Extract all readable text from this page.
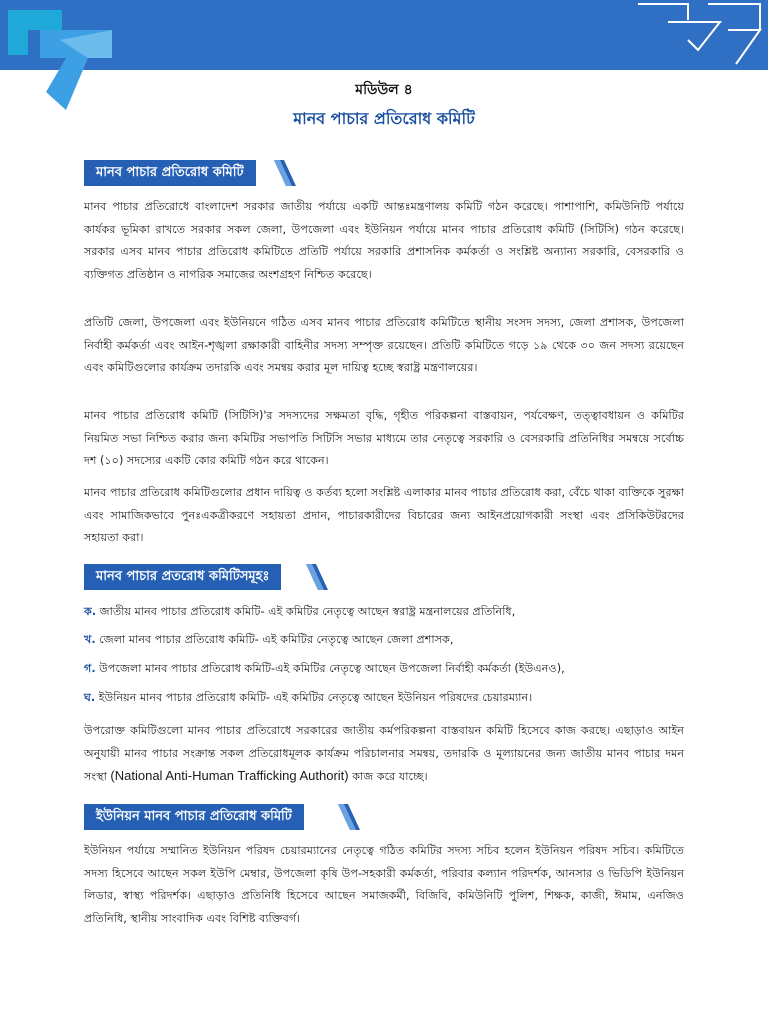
মডিউল ৪
মানব পাচার প্রতিরোধ কমিটি
মানব পাচার প্রতিরোধ কমিটি

মানব পাচার প্রতিরোধে বাংলাদেশ সরকার জাতীয় পর্যায়ে একটি আন্তঃমন্ত্রণালয় কমিটি গঠন করেছে। পাশাপাশি, কমিউনিটি পর্যায়ে কার্যকর ভূমিকা রাখতে সরকার সকল জেলা, উপজেলা এবং ইউনিয়ন পর্যায়ে মানব পাচার প্রতিরোধ কমিটি (সিটিসি) গঠন করেছে। সরকার এসব মানব পাচার প্রতিরোধ কমিটিতে প্রতিটি পর্যায়ে সরকারি প্রশাসনিক কর্মকর্তা ও সংশ্লিষ্ট অন্যান্য সরকারি, বেসরকারি ও ব্যক্তিগত প্রতিষ্ঠান ও নাগরিক সমাজের অংশগ্রহণ নিশ্চিত করেছে।

প্রতিটি জেলা, উপজেলা এবং ইউনিয়নে গঠিত এসব মানব পাচার প্রতিরোধ কমিটিতে স্থানীয় সংসদ সদস্য, জেলা প্রশাসক, উপজেলা নির্বাহী কর্মকর্তা এবং আইন-শৃঙ্খলা রক্ষাকারী বাহিনীর সদস্য সম্পৃক্ত রয়েছেন। প্রতিটি কমিটিতে গড়ে ১৯ থেকে ৩০ জন সদস্য রয়েছেন এবং কমিটিগুলোর কার্যক্রম তদারকি এবং সমন্বয় করার মূল দায়িত্ব হচ্ছে স্বরাষ্ট্র মন্ত্রণালয়ের।

মানব পাচার প্রতিরোধ কমিটি (সিটিসি)'র সদস্যদের সক্ষমতা বৃদ্ধি, গৃহীত পরিকল্পনা বাস্তবায়ন, পর্যবেক্ষণ, তত্ত্বাবধায়ন ও কমিটির নিয়মিত সভা নিশ্চিত করার জন্য কমিটির সভাপতি সিটিসি সভার মাধ্যমে তার নেতৃত্বে সরকারি ও বেসরকারি প্রতিনিধির সমন্বয়ে সর্বোচ্চ দশ (১০) সদস্যের একটি কোর কমিটি গঠন করে থাকেন।

মানব পাচার প্রতিরোধ কমিটিগুলোর প্রধান দায়িত্ব ও কর্তব্য হলো সংশ্লিষ্ট এলাকার মানব পাচার প্রতিরোধ করা, বেঁচে থাকা ব্যক্তিকে সুরক্ষা এবং সামাজিকভাবে পুনঃএকত্রীকরণে সহায়তা প্রদান, পাচারকারীদের বিচারের জন্য আইনপ্রয়োগকারী সংস্থা এবং প্রসিকিউটরদের সহায়তা করা।

মানব পাচার প্রতরোধ কমিটিসমূহঃ
ক. জাতীয় মানব পাচার প্রতিরোধ কমিটি- এই কমিটির নেতৃত্বে আছেন স্বরাষ্ট্র মন্ত্রনালয়ের প্রতিনিধি,
খ. জেলা মানব পাচার প্রতিরোধ কমিটি- এই কমিটির নেতৃত্বে আছেন জেলা প্রশাসক,
গ. উপজেলা মানব পাচার প্রতিরোধ কমিটি-এই কমিটির নেতৃত্বে আছেন উপজেলা নির্বাহী কর্মকর্তা (ইউএনও),
ঘ. ইউনিয়ন মানব পাচার প্রতিরোধ কমিটি- এই কমিটির নেতৃত্বে আছেন ইউনিয়ন পরিষদের চেয়ারম্যান।

উপরোক্ত কমিটিগুলো মানব পাচার প্রতিরোধে সরকারের জাতীয় কর্মপরিকল্পনা বাস্তবায়ন কমিটি হিসেবে কাজ করছে। এছাড়াও আইন অনুযায়ী মানব পাচার সংক্রান্ত সকল প্রতিরোধমূলক কার্যক্রম পরিচালনার সমন্বয়, তদারকি ও মূল্যায়নের জন্য জাতীয় মানব পাচার দমন সংস্থা (National Anti-Human Trafficking Authorit) কাজ করে যাচ্ছে।

ইউনিয়ন মানব পাচার প্রতিরোধ কমিটি

ইউনিয়ন পর্যায়ে সম্মানিত ইউনিয়ন পরিষদ চেয়ারম্যানের নেতৃত্বে গঠিত কমিটির সদস্য সচিব হলেন ইউনিয়ন পরিষদ সচিব। কমিটিতে সদস্য হিসেবে আছেন সকল ইউপি মেম্বার, উপজেলা কৃষি উপ-সহকারী কর্মকর্তা, পরিবার কল্যান পরিদর্শক, আনসার ও ভিডিপি ইউনিয়ন লিডার, স্বাস্থ্য পরিদর্শক। এছাড়াও প্রতিনিধি হিসেবে আছেন সমাজকর্মী, বিজিবি, কমিউনিটি পুলিশ, শিক্ষক, কাজী, ঈমাম, এনজিও প্রতিনিধি, স্থানীয় সাংবাদিক এবং বিশিষ্ট ব্যক্তিবর্গ।
